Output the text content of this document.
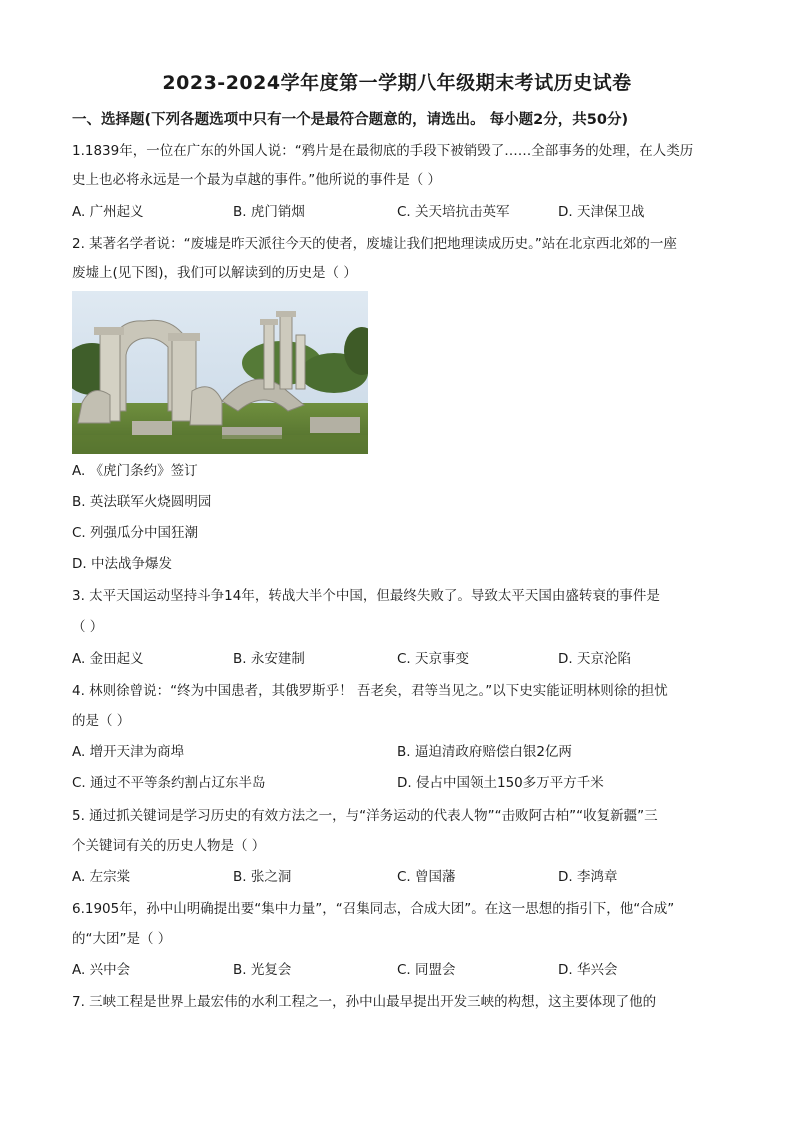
2023-2024学年度第一学期八年级期末考试历史试卷
一、选择题(下列各题选项中只有一个是最符合题意的，请选出。 每小题2分，共50分)
1.1839年，一位在广东的外国人说：“鸦片是在最彻底的手段下被销毁了……全部事务的处理，在人类历
史上也必将永远是一个最为卓越的事件。”他所说的事件是（ ）
A. 广州起义	B. 虎门销烟	C. 关天培抗击英军	D. 天津保卫战
2. 某著名学者说：“废墟是昨天派往今天的使者，废墟让我们把地理读成历史。”站在北京西北郊的一座
废墟上(见下图)，我们可以解读到的历史是（ ）
A. 《虎门条约》签订
B. 英法联军火烧圆明园
C. 列强瓜分中国狂潮
D. 中法战争爆发
3. 太平天国运动坚持斗争14年，转战大半个中国，但最终失败了。导致太平天国由盛转衰的事件是
（ ）
A. 金田起义	B. 永安建制	C. 天京事变	D. 天京沦陷
4. 林则徐曾说：“终为中国患者，其俄罗斯乎！ 吾老矣，君等当见之。”以下史实能证明林则徐的担忧
的是（ ）
A. 增开天津为商埠	B. 逼迫清政府赔偿白银2亿两
C. 通过不平等条约割占辽东半岛	D. 侵占中国领土150多万平方千米
5. 通过抓关键词是学习历史的有效方法之一，与“洋务运动的代表人物”“击败阿古柏”“收复新疆”三
个关键词有关的历史人物是（ ）
A. 左宗棠	B. 张之洞	C. 曾国藩	D. 李鸿章
6.1905年，孙中山明确提出要“集中力量”，“召集同志，合成大团”。在这一思想的指引下，他“合成”
的“大团”是（ ）
A. 兴中会	B. 光复会	C. 同盟会	D. 华兴会
7. 三峡工程是世界上最宏伟的水利工程之一，孙中山最早提出开发三峡的构想，这主要体现了他的
